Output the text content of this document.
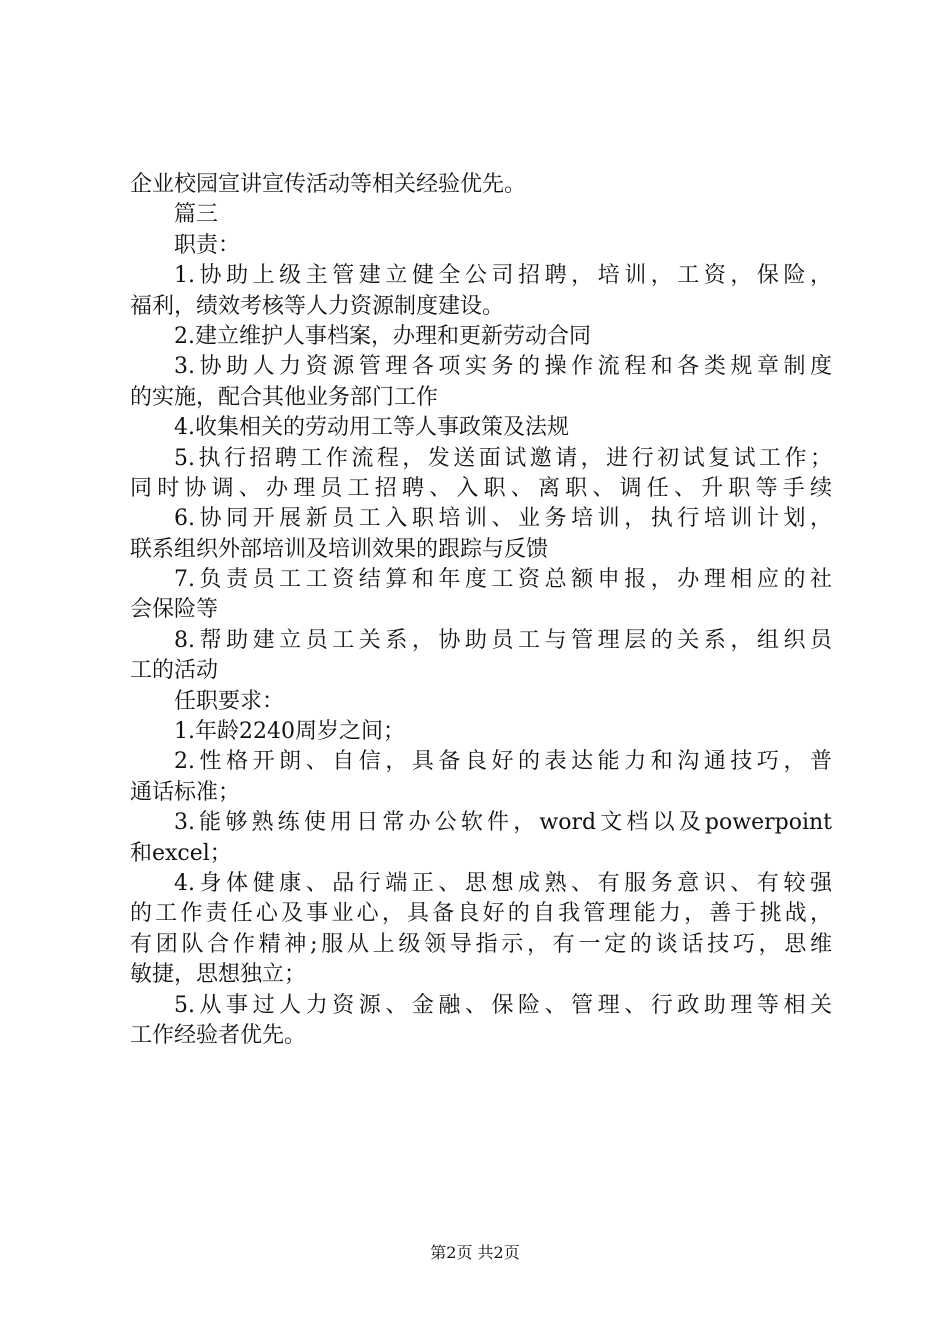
企业校园宣讲宣传活动等相关经验优先。
篇三
职责：
1.协助上级主管建立健全公司招聘，培训，工资，保险，
福利，绩效考核等人力资源制度建设。
2.建立维护人事档案，办理和更新劳动合同
3.协助人力资源管理各项实务的操作流程和各类规章制度
的实施，配合其他业务部门工作
4.收集相关的劳动用工等人事政策及法规
5.执行招聘工作流程，发送面试邀请，进行初试复试工作；
同时协调、办理员工招聘、入职、离职、调任、升职等手续
6.协同开展新员工入职培训、业务培训，执行培训计划，
联系组织外部培训及培训效果的跟踪与反馈
7.负责员工工资结算和年度工资总额申报，办理相应的社
会保险等
8.帮助建立员工关系，协助员工与管理层的关系，组织员
工的活动
任职要求：
1.年龄2240周岁之间；
2.性格开朗、自信，具备良好的表达能力和沟通技巧，普
通话标准；
3.能够熟练使用日常办公软件，word文档以及powerpoint
和excel；
4.身体健康、品行端正、思想成熟、有服务意识、有较强
的工作责任心及事业心，具备良好的自我管理能力，善于挑战，
有团队合作精神;服从上级领导指示，有一定的谈话技巧，思维
敏捷，思想独立；
5.从事过人力资源、金融、保险、管理、行政助理等相关
工作经验者优先。
第2页 共2页
